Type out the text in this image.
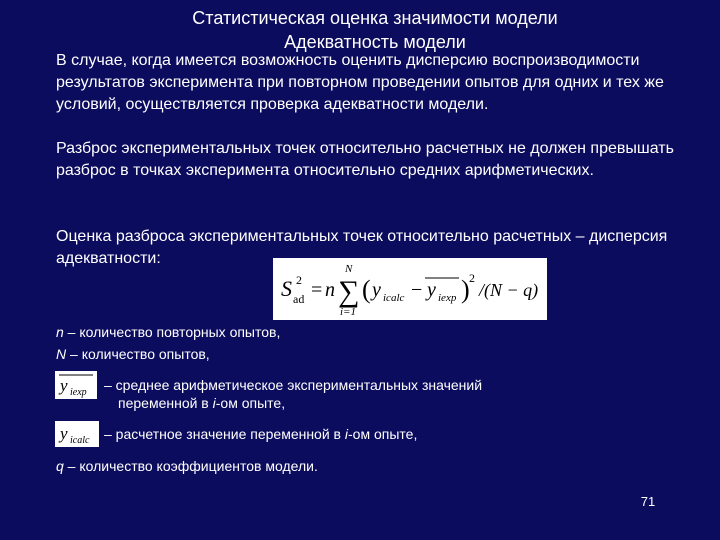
Статистическая оценка значимости модели
Адекватность модели
В случае, когда имеется возможность оценить дисперсию воспроизводимости результатов эксперимента при повторном проведении опытов для одних и тех же условий, осуществляется проверка адекватности модели.
Разброс экспериментальных точек относительно расчетных не должен превышать разброс в точках эксперимента относительно средних арифметических.
Оценка разброса экспериментальных точек относительно расчетных – дисперсия адекватности:
S ad
2 = n
N
∑
i=1
( y icalc − y iexp ) 2
/(N − q)
n – количество повторных опытов,
N – количество опытов,
y iexp – среднее арифметическое экспериментальных значений
переменной в i-ом опыте,
y icalc – расчетное значение переменной в i-ом опыте,
q – количество коэффициентов модели.
71
